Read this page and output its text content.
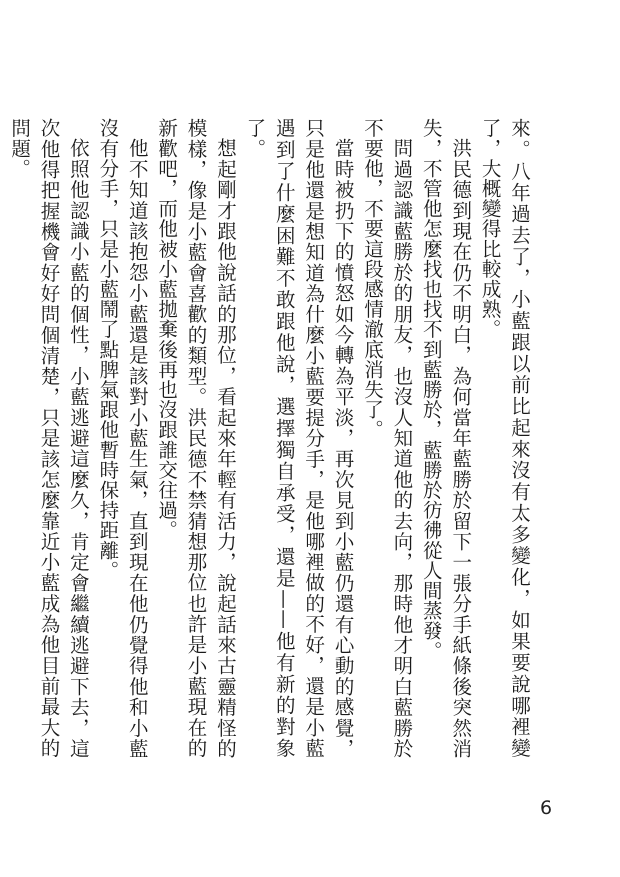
來。八年過去了，小藍跟以前比起來沒有太多變化，如果要說哪裡變了，大概變得比較成熟。

洪民德到現在仍不明白，為何當年藍勝於留下一張分手紙條後突然消失，不管他怎麼找也找不到藍勝於，藍勝於彷彿從人間蒸發。

問過認識藍勝於的朋友，也沒人知道他的去向，那時他才明白藍勝於不要他，不要這段感情澈底消失了。

當時被扔下的憤怒如今轉為平淡，再次見到小藍仍還有心動的感覺，只是他還是想知道為什麼小藍要提分手，是他哪裡做的不好，還是小藍遇到了什麼困難不敢跟他說，選擇獨自承受，還是——他有新的對象了。

想起剛才跟他說話的那位，看起來年輕有活力，說起話來古靈精怪的模樣，像是小藍會喜歡的類型。洪民德不禁猜想那位也許是小藍現在的新歡吧，而他被小藍拋棄後再也沒跟誰交往過。

他不知道該抱怨小藍還是該對小藍生氣，直到現在他仍覺得他和小藍沒有分手，只是小藍鬧了點脾氣跟他暫時保持距離。

依照他認識小藍的個性，小藍逃避這麼久，肯定會繼續逃避下去，這次他得把握機會好好問個清楚，只是該怎麼靠近小藍成為他目前最大的問題。

6
